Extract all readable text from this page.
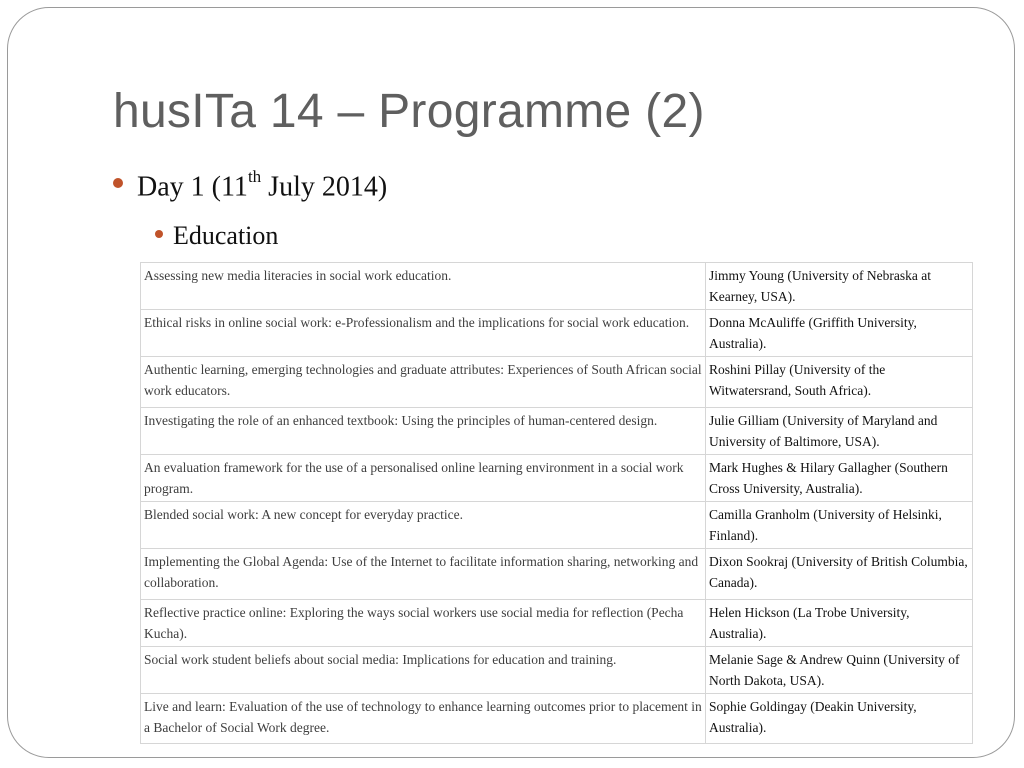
husITa 14 – Programme (2)
Day 1 (11th July 2014)
Education
Assessing new media literacies in social work education.	Jimmy Young (University of Nebraska at Kearney, USA).
Ethical risks in online social work: e-Professionalism and the implications for social work education.	Donna McAuliffe (Griffith University, Australia).
Authentic learning, emerging technologies and graduate attributes: Experiences of South African social work educators.	Roshini Pillay (University of the Witwatersrand, South Africa).
Investigating the role of an enhanced textbook: Using the principles of human-centered design.	Julie Gilliam (University of Maryland and University of Baltimore, USA).
An evaluation framework for the use of a personalised online learning environment in a social work program.	Mark Hughes & Hilary Gallagher (Southern Cross University, Australia).
Blended social work: A new concept for everyday practice.	Camilla Granholm (University of Helsinki, Finland).
Implementing the Global Agenda: Use of the Internet to facilitate information sharing, networking and collaboration.	Dixon Sookraj (University of British Columbia, Canada).
Reflective practice online: Exploring the ways social workers use social media for reflection (Pecha Kucha).	Helen Hickson (La Trobe University, Australia).
Social work student beliefs about social media: Implications for education and training.	Melanie Sage & Andrew Quinn (University of North Dakota, USA).
Live and learn: Evaluation of the use of technology to enhance learning outcomes prior to placement in a Bachelor of Social Work degree.	Sophie Goldingay (Deakin University, Australia).
